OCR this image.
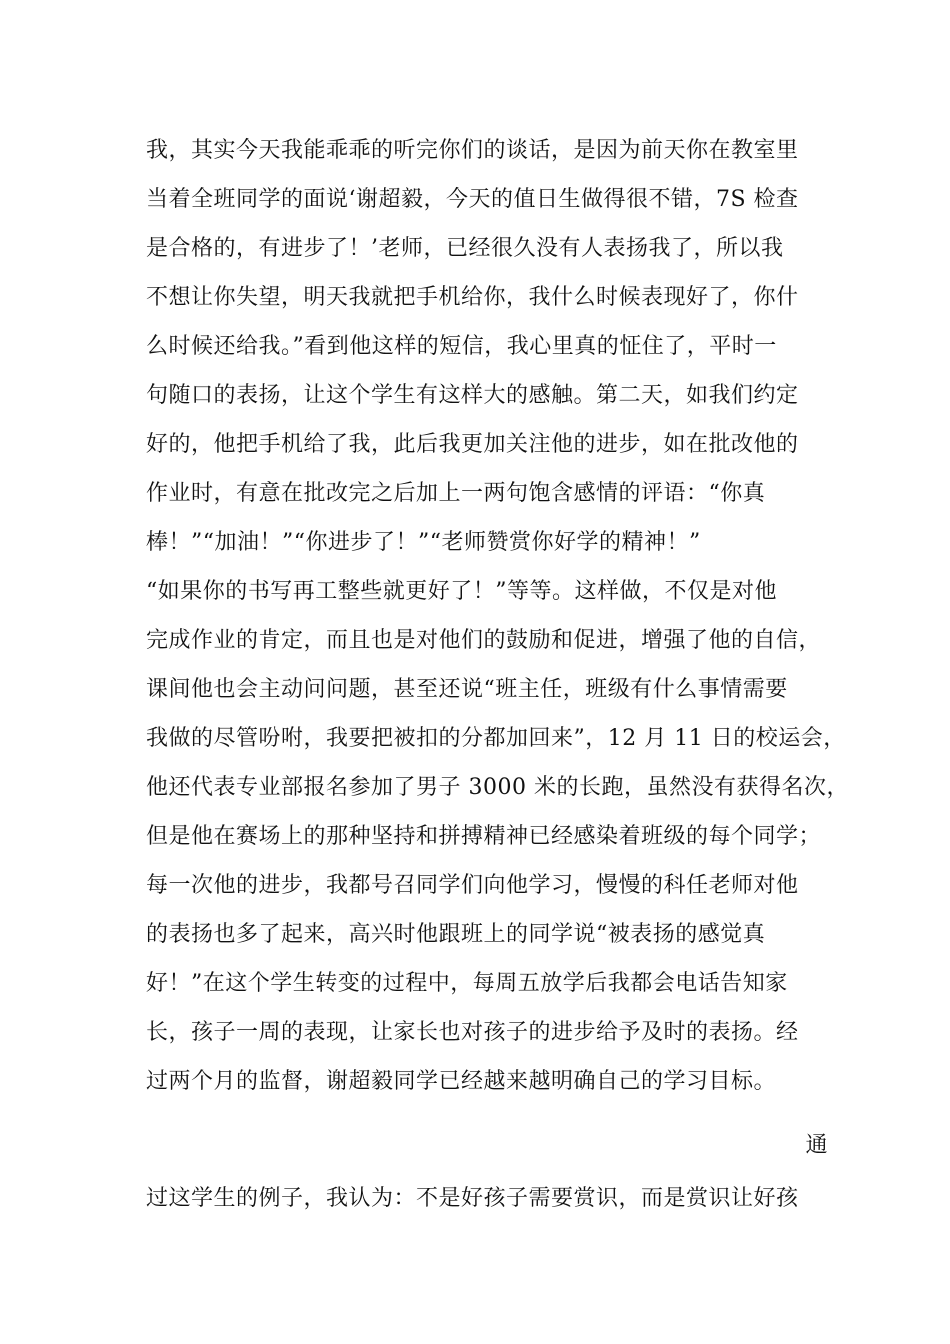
我，其实今天我能乖乖的听完你们的谈话，是因为前天你在教室里
当着全班同学的面说‘谢超毅，今天的值日生做得很不错，7S 检查
是合格的，有进步了！’老师，已经很久没有人表扬我了，所以我
不想让你失望，明天我就把手机给你，我什么时候表现好了，你什
么时候还给我。”看到他这样的短信，我心里真的怔住了，平时一
句随口的表扬，让这个学生有这样大的感触。第二天，如我们约定
好的，他把手机给了我，此后我更加关注他的进步，如在批改他的
作业时，有意在批改完之后加上一两句饱含感情的评语：“你真
棒！”“加油！”“你进步了！”“老师赞赏你好学的精神！”
“如果你的书写再工整些就更好了！”等等。这样做，不仅是对他
完成作业的肯定，而且也是对他们的鼓励和促进，增强了他的自信，
课间他也会主动问问题，甚至还说“班主任，班级有什么事情需要
我做的尽管吩咐，我要把被扣的分都加回来”，12 月 11 日的校运会，
他还代表专业部报名参加了男子 3000 米的长跑，虽然没有获得名次，
但是他在赛场上的那种坚持和拼搏精神已经感染着班级的每个同学；
每一次他的进步，我都号召同学们向他学习，慢慢的科任老师对他
的表扬也多了起来，高兴时他跟班上的同学说“被表扬的感觉真
好！”在这个学生转变的过程中，每周五放学后我都会电话告知家
长，孩子一周的表现，让家长也对孩子的进步给予及时的表扬。经
过两个月的监督，谢超毅同学已经越来越明确自己的学习目标。
通
过这学生的例子，我认为：不是好孩子需要赏识，而是赏识让好孩
